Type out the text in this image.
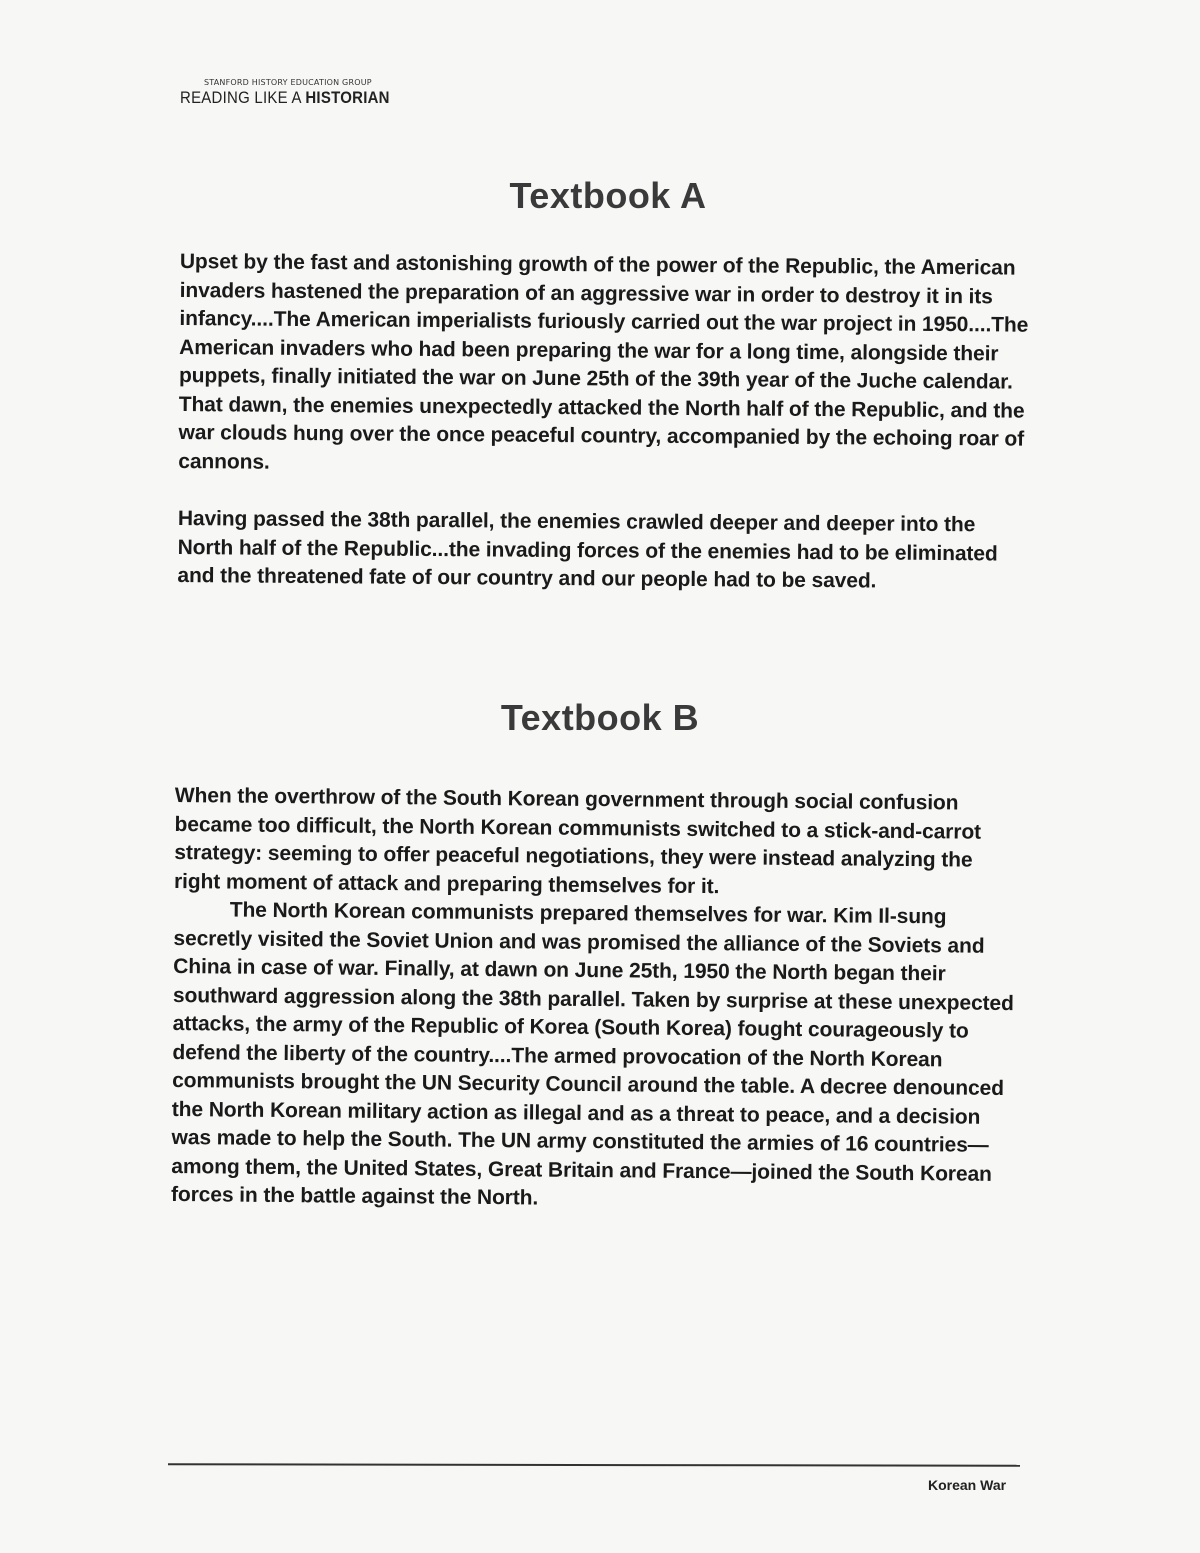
STANFORD HISTORY EDUCATION GROUP
READING LIKE A HISTORIAN
Textbook A

Upset by the fast and astonishing growth of the power of the Republic, the American invaders hastened the preparation of an aggressive war in order to destroy it in its infancy....The American imperialists furiously carried out the war project in 1950....The American invaders who had been preparing the war for a long time, alongside their puppets, finally initiated the war on June 25th of the 39th year of the Juche calendar. That dawn, the enemies unexpectedly attacked the North half of the Republic, and the war clouds hung over the once peaceful country, accompanied by the echoing roar of cannons.

Having passed the 38th parallel, the enemies crawled deeper and deeper into the North half of the Republic...the invading forces of the enemies had to be eliminated and the threatened fate of our country and our people had to be saved.

Textbook B

When the overthrow of the South Korean government through social confusion became too difficult, the North Korean communists switched to a stick-and-carrot strategy: seeming to offer peaceful negotiations, they were instead analyzing the right moment of attack and preparing themselves for it.

The North Korean communists prepared themselves for war. Kim Il-sung secretly visited the Soviet Union and was promised the alliance of the Soviets and China in case of war. Finally, at dawn on June 25th, 1950 the North began their southward aggression along the 38th parallel. Taken by surprise at these unexpected attacks, the army of the Republic of Korea (South Korea) fought courageously to defend the liberty of the country....The armed provocation of the North Korean communists brought the UN Security Council around the table. A decree denounced the North Korean military action as illegal and as a threat to peace, and a decision was made to help the South. The UN army constituted the armies of 16 countries—among them, the United States, Great Britain and France—joined the South Korean forces in the battle against the North.

Korean War
